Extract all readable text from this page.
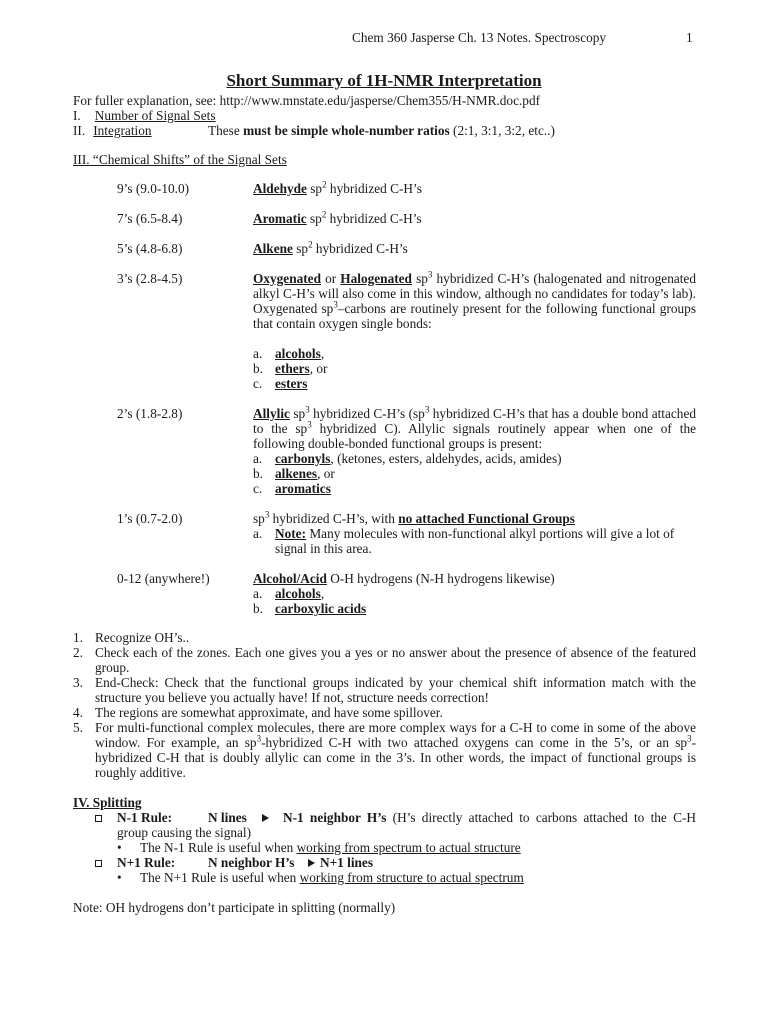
Chem 360 Jasperse Ch. 13 Notes. Spectroscopy	1
Short Summary of 1H-NMR Interpretation
For fuller explanation, see: http://www.mnstate.edu/jasperse/Chem355/H-NMR.doc.pdf
I. Number of Signal Sets
II. Integration	These must be simple whole-number ratios (2:1, 3:1, 3:2, etc..)
III. “Chemical Shifts” of the Signal Sets
9’s (9.0-10.0)	Aldehyde $sp^2$ hybridized C-H’s
7’s (6.5-8.4)	Aromatic $sp^2$ hybridized C-H’s
5’s (4.8-6.8)	Alkene $sp^2$ hybridized C-H’s
3’s (2.8-4.5)	Oxygenated or Halogenated $sp^3$ hybridized C-H’s (halogenated and nitrogenated alkyl C-H’s will also come in this window, although no candidates for today’s lab). Oxygenated $sp^3$–carbons are routinely present for the following functional groups that contain oxygen single bonds:
a. alcohols,
b. ethers, or
c. esters
2’s (1.8-2.8)	Allylic $sp^3$ hybridized C-H’s ($sp^3$ hybridized C-H’s that has a double bond attached to the $sp^3$ hybridized C). Allylic signals routinely appear when one of the following double-bonded functional groups is present:
a. carbonyls, (ketones, esters, aldehydes, acids, amides)
b. alkenes, or
c. aromatics
1’s (0.7-2.0)	$sp^3$ hybridized C-H’s, with no attached Functional Groups
a. Note: Many molecules with non-functional alkyl portions will give a lot of signal in this area.
0-12 (anywhere!)	Alcohol/Acid O-H hydrogens (N-H hydrogens likewise)
a. alcohols,
b. carboxylic acids
1. Recognize OH’s..
2. Check each of the zones. Each one gives you a yes or no answer about the presence of absence of the featured group.
3. End-Check: Check that the functional groups indicated by your chemical shift information match with the structure you believe you actually have! If not, structure needs correction!
4. The regions are somewhat approximate, and have some spillover.
5. For multi-functional complex molecules, there are more complex ways for a C-H to come in some of the above window. For example, an $sp^3$-hybridized C-H with two attached oxygens can come in the 5’s, or an $sp^3$-hybridized C-H that is doubly allylic can come in the 3’s. In other words, the impact of functional groups is roughly additive.
IV. Splitting
N-1 Rule:	N lines	N-1 neighbor H’s (H’s directly attached to carbons attached to the C-H group causing the signal)
• The N-1 Rule is useful when working from spectrum to actual structure
N+1 Rule: N neighbor H’s N+1 lines
• The N+1 Rule is useful when working from structure to actual spectrum
Note: OH hydrogens don’t participate in splitting (normally)
